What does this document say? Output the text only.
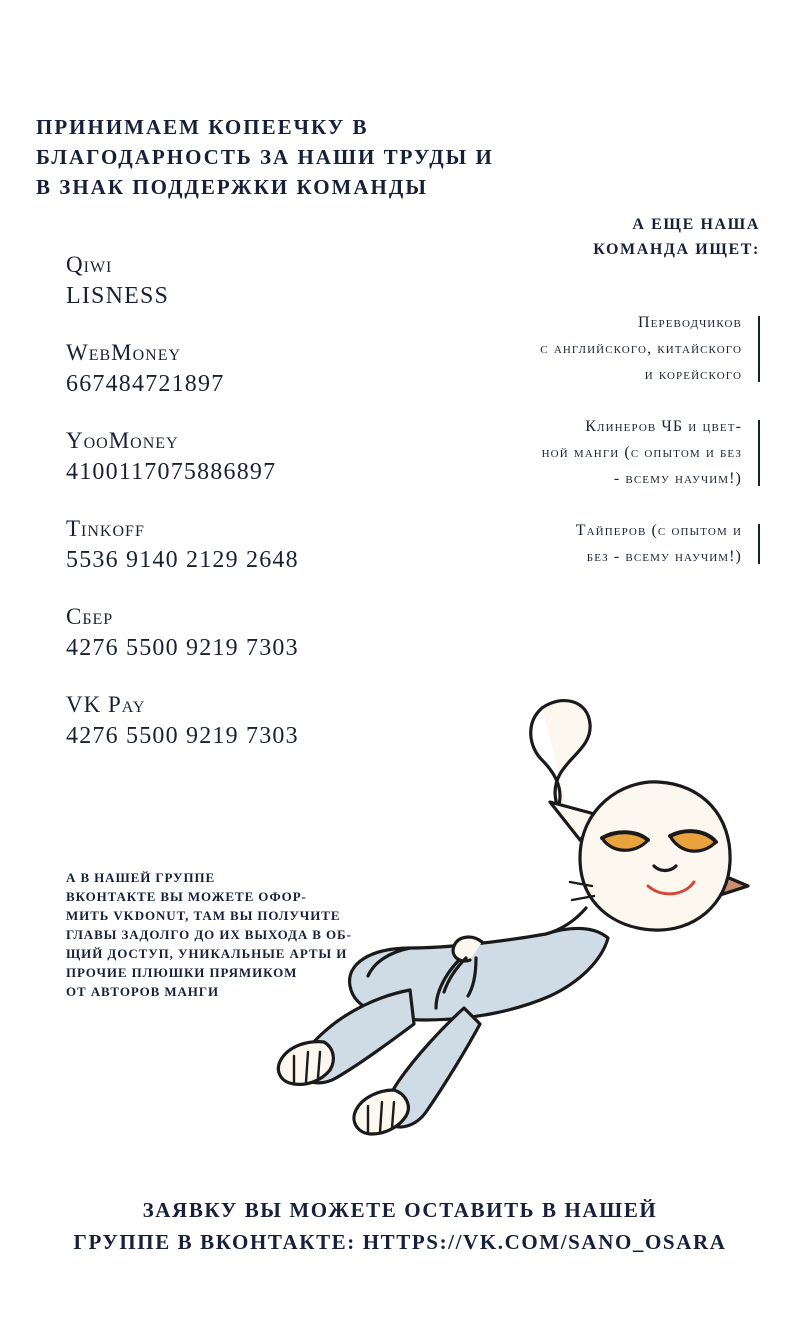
ПРИНИМАЕМ КОПЕЕЧКУ В
БЛАГОДАРНОСТЬ ЗА НАШИ ТРУДЫ И
В ЗНАК ПОДДЕРЖКИ КОМАНДЫ
Qiwi
LISNESS
WebMoney
667484721897
YooMoney
4100117075886897
Tinkoff
5536 9140 2129 2648
Сбер
4276 5500 9219 7303
VK Pay
4276 5500 9219 7303
А В НАШЕЙ ГРУППЕ
ВКОНТАКТЕ ВЫ МОЖЕТЕ ОФОР-
МИТЬ VKDONUT, ТАМ ВЫ ПОЛУЧИТЕ
ГЛАВЫ ЗАДОЛГО ДО ИХ ВЫХОДА В ОБ-
ЩИЙ ДОСТУП, УНИКАЛЬНЫЕ АРТЫ И
ПРОЧИЕ ПЛЮШКИ ПРЯМИКОМ
ОТ АВТОРОВ МАНГИ
А ЕЩЕ НАША
КОМАНДА ИЩЕТ:
Переводчиков
с английского, китайского
и корейского
Клинеров ЧБ и цвет-
ной манги (с опытом и без
- всему научим!)
Тайперов (с опытом и
без - всему научим!)
ЗАЯВКУ ВЫ МОЖЕТЕ ОСТАВИТЬ В НАШЕЙ
ГРУППЕ В ВКОНТАКТЕ: HTTPS://VK.COM/SANO_OSARA
